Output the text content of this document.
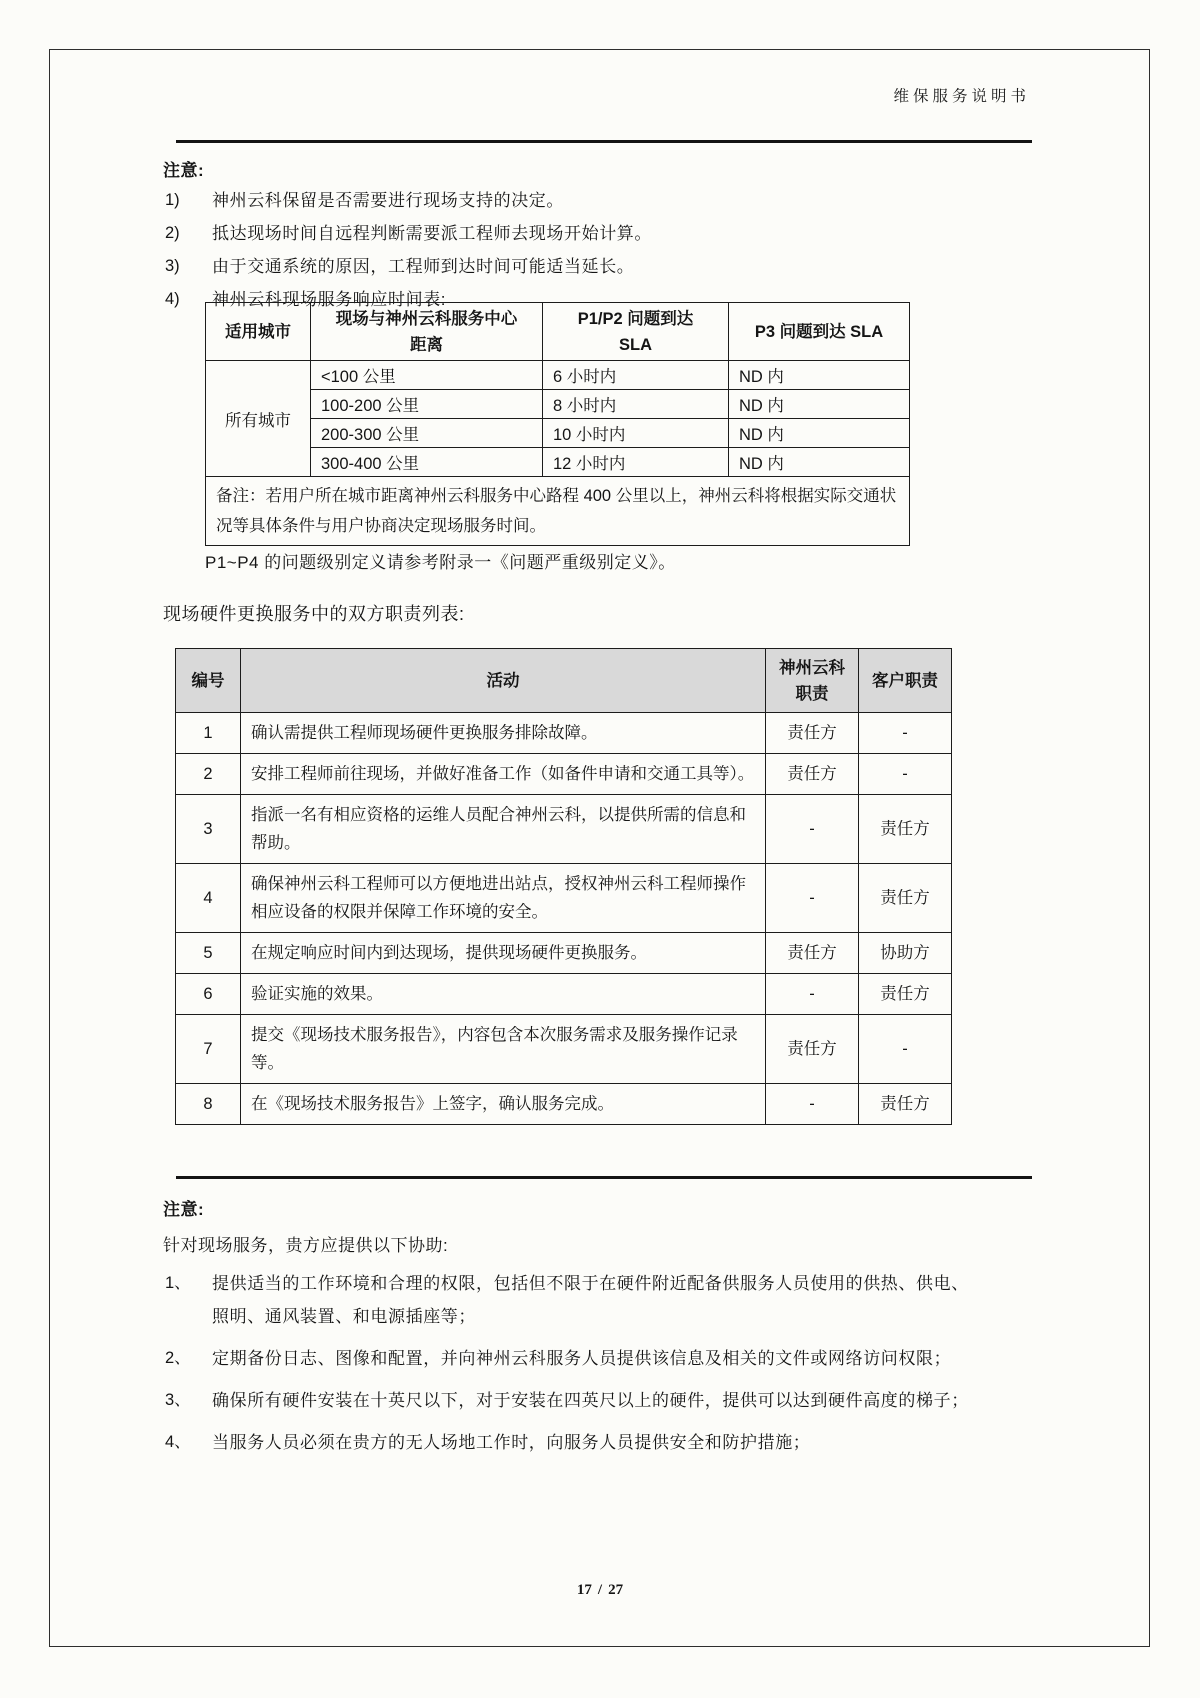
维保服务说明书
注意:
1)	神州云科保留是否需要进行现场支持的决定。
2)	抵达现场时间自远程判断需要派工程师去现场开始计算。
3)	由于交通系统的原因，工程师到达时间可能适当延长。
4)	神州云科现场服务响应时间表:
适用城市	现场与神州云科服务中心 距离	P1/P2 问题到达 SLA	P3 问题到达 SLA
所有城市	<100 公里	6 小时内	ND 内
	100-200 公里	8 小时内	ND 内
	200-300 公里	10 小时内	ND 内
	300-400 公里	12 小时内	ND 内
备注：若用户所在城市距离神州云科服务中心路程 400 公里以上，神州云科将根据实际交通状况等具体条件与用户协商决定现场服务时间。			
P1~P4 的问题级别定义请参考附录一《问题严重级别定义》。
现场硬件更换服务中的双方职责列表:
编号	活动	神州云科 职责	客户职责
1	确认需提供工程师现场硬件更换服务排除故障。	责任方	-
2	安排工程师前往现场，并做好准备工作（如备件申请和交通工具等）。	责任方	-
3	指派一名有相应资格的运维人员配合神州云科，以提供所需的信息和帮助。	-	责任方
4	确保神州云科工程师可以方便地进出站点，授权神州云科工程师操作相应设备的权限并保障工作环境的安全。	-	责任方
5	在规定响应时间内到达现场，提供现场硬件更换服务。	责任方	协助方
6	验证实施的效果。	-	责任方
7	提交《现场技术服务报告》，内容包含本次服务需求及服务操作记录等。	责任方	-
8	在《现场技术服务报告》上签字，确认服务完成。	-	责任方
注意:
针对现场服务，贵方应提供以下协助:
1、	提供适当的工作环境和合理的权限，包括但不限于在硬件附近配备供服务人员使用的供热、供电、照明、通风装置、和电源插座等；
2、	定期备份日志、图像和配置，并向神州云科服务人员提供该信息及相关的文件或网络访问权限；
3、	确保所有硬件安装在十英尺以下，对于安装在四英尺以上的硬件，提供可以达到硬件高度的梯子；
4、	当服务人员必须在贵方的无人场地工作时，向服务人员提供安全和防护措施；
17 / 27
